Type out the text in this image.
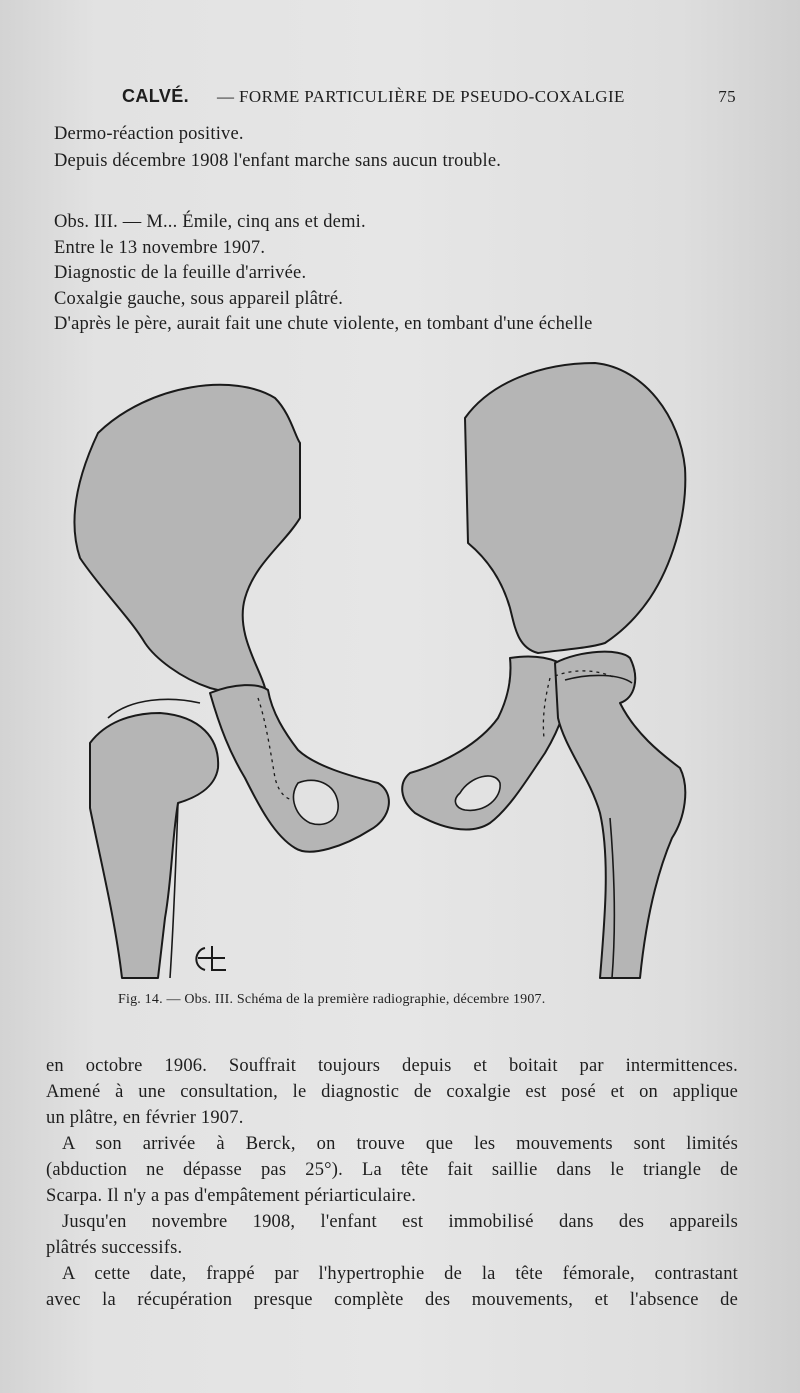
CALVÉ. — FORME PARTICULIÈRE DE PSEUDO-COXALGIE	75
Dermo-réaction positive.
Depuis décembre 1908 l'enfant marche sans aucun trouble.
Obs. III. — M... Émile, cinq ans et demi.
Entre le 13 novembre 1907.
Diagnostic de la feuille d'arrivée.
Coxalgie gauche, sous appareil plâtré.
D'après le père, aurait fait une chute violente, en tombant d'une échelle
Fig. 14. — Obs. III. Schéma de la première radiographie, décembre 1907.
en octobre 1906. Souffrait toujours depuis et boitait par intermittences.
Amené à une consultation, le diagnostic de coxalgie est posé et on applique
un plâtre, en février 1907.
A son arrivée à Berck, on trouve que les mouvements sont limités
(abduction ne dépasse pas 25°). La tête fait saillie dans le triangle de
Scarpa. Il n'y a pas d'empâtement périarticulaire.
Jusqu'en novembre 1908, l'enfant est immobilisé dans des appareils
plâtrés successifs.
A cette date, frappé par l'hypertrophie de la tête fémorale, contrastant
avec la récupération presque complète des mouvements, et l'absence de
